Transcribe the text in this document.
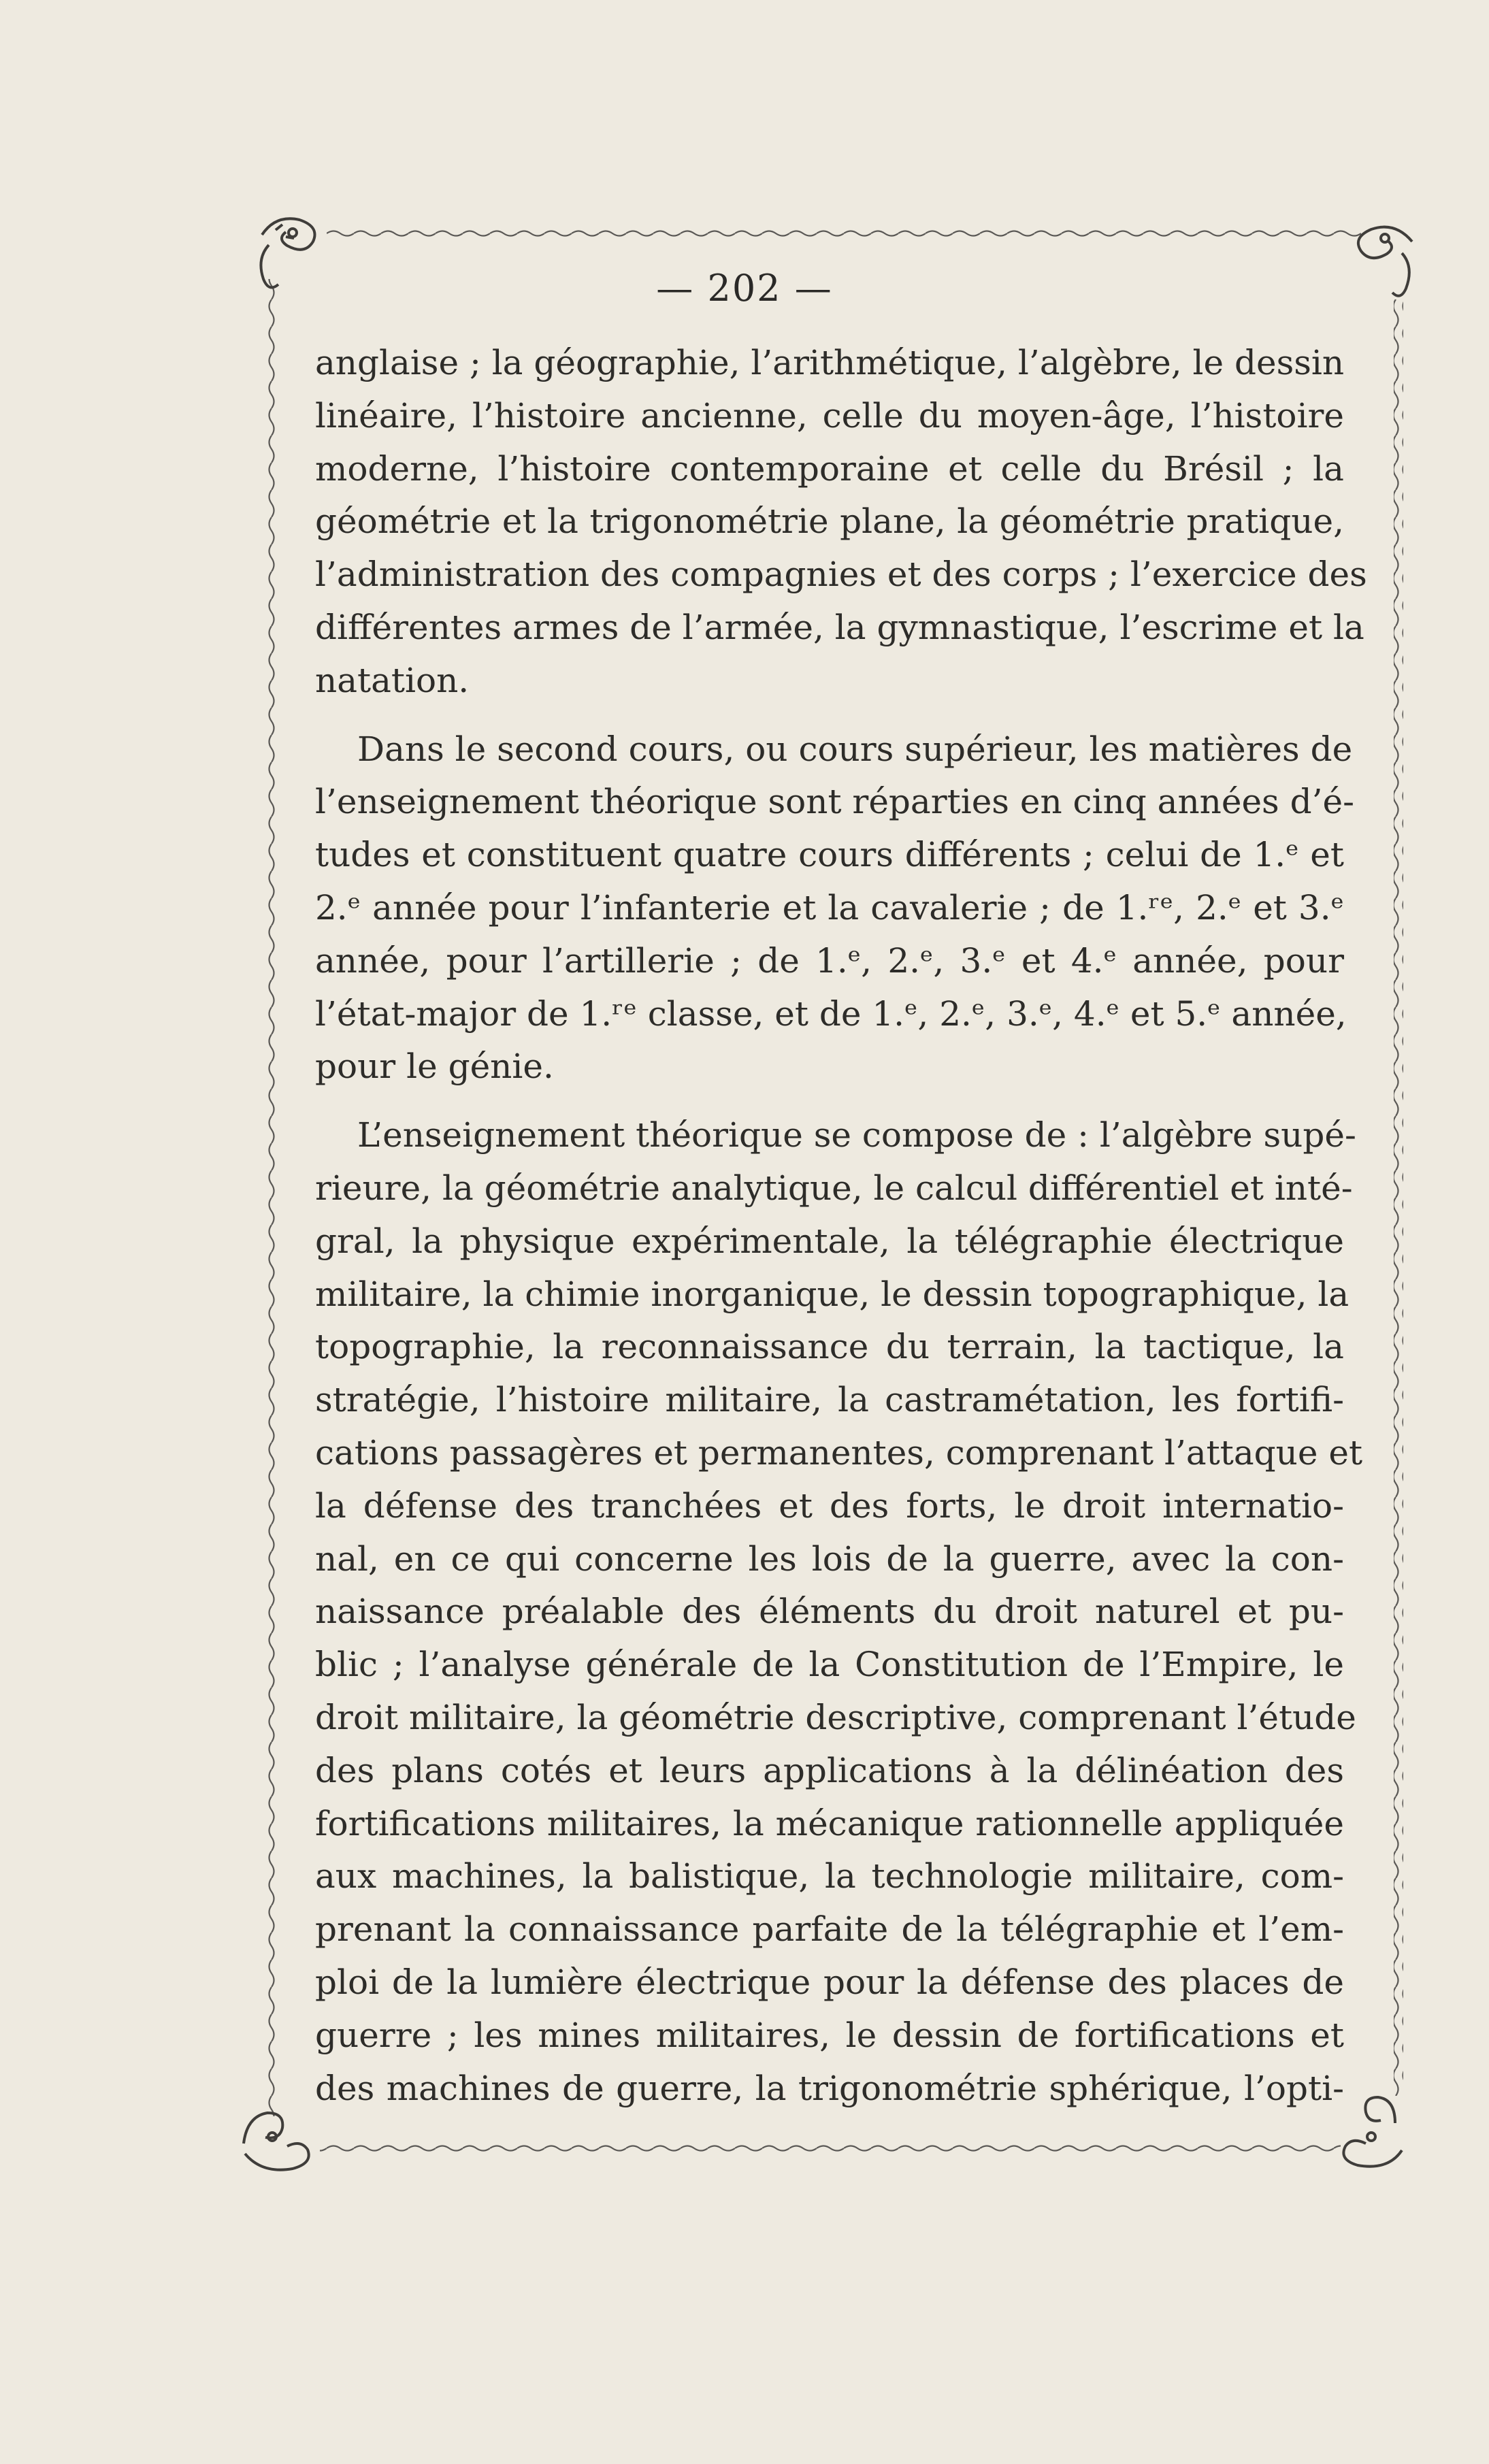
— 202 —

anglaise ; la géographie, l’arithmétique, l’algèbre, le dessin
linéaire, l’histoire ancienne, celle du moyen-âge, l’histoire
moderne, l’histoire contemporaine et celle du Brésil ; la
géométrie et la trigonométrie plane, la géométrie pratique,
l’administration des compagnies et des corps ; l’exercice des
différentes armes de l’armée, la gymnastique, l’escrime et la
natation.

Dans le second cours, ou cours supérieur, les matières de
l’enseignement théorique sont réparties en cinq années d’é-
tudes et constituent quatre cours différents ; celui de 1.ᵉ et
2.ᵉ année pour l’infanterie et la cavalerie ; de 1.ʳᵉ, 2.ᵉ et 3.ᵉ
année, pour l’artillerie ; de 1.ᵉ, 2.ᵉ, 3.ᵉ et 4.ᵉ année, pour
l’état-major de 1.ʳᵉ classe, et de 1.ᵉ, 2.ᵉ, 3.ᵉ, 4.ᵉ et 5.ᵉ année,
pour le génie.

L’enseignement théorique se compose de : l’algèbre supé-
rieure, la géométrie analytique, le calcul différentiel et inté-
gral, la physique expérimentale, la télégraphie électrique
militaire, la chimie inorganique, le dessin topographique, la
topographie, la reconnaissance du terrain, la tactique, la
stratégie, l’histoire militaire, la castramétation, les fortifi-
cations passagères et permanentes, comprenant l’attaque et
la défense des tranchées et des forts, le droit internatio-
nal, en ce qui concerne les lois de la guerre, avec la con-
naissance préalable des éléments du droit naturel et pu-
blic ; l’analyse générale de la Constitution de l’Empire, le
droit militaire, la géométrie descriptive, comprenant l’étude
des plans cotés et leurs applications à la délinéation des
fortifications militaires, la mécanique rationnelle appliquée
aux machines, la balistique, la technologie militaire, com-
prenant la connaissance parfaite de la télégraphie et l’em-
ploi de la lumière électrique pour la défense des places de
guerre ; les mines militaires, le dessin de fortifications et
des machines de guerre, la trigonométrie sphérique, l’opti-
